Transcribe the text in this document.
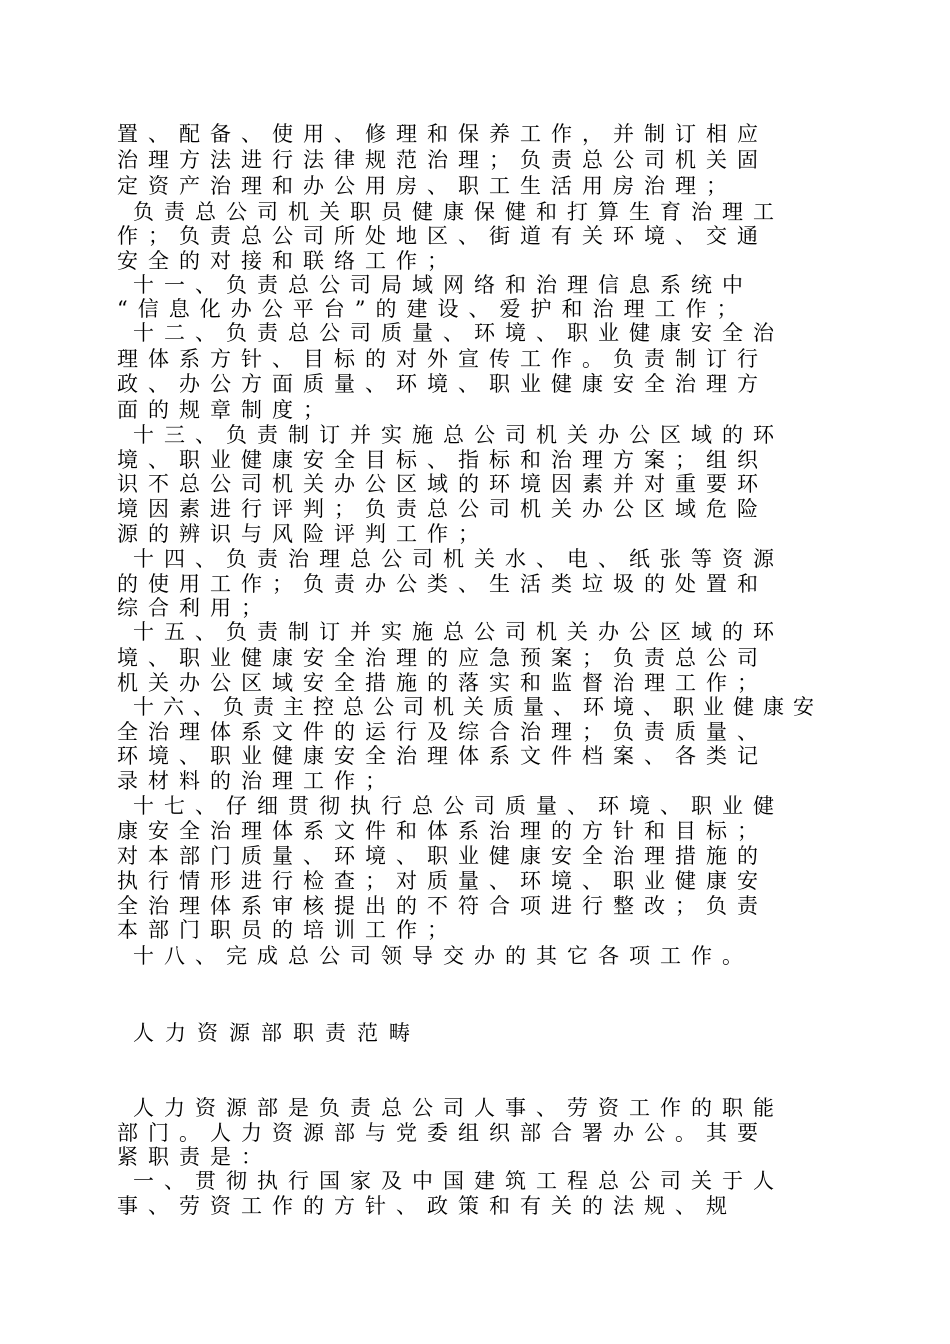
置、配备、使用、修理和保养工作，并制订相应
治理方法进行法律规范治理；负责总公司机关固
定资产治理和办公用房、职工生活用房治理；
负责总公司机关职员健康保健和打算生育治理工
作；负责总公司所处地区、街道有关环境、交通
安全的对接和联络工作；
十一、负责总公司局域网络和治理信息系统中
“信息化办公平台”的建设、爱护和治理工作；
十二、负责总公司质量、环境、职业健康安全治
理体系方针、目标的对外宣传工作。负责制订行
政、办公方面质量、环境、职业健康安全治理方
面的规章制度；
十三、负责制订并实施总公司机关办公区域的环
境、职业健康安全目标、指标和治理方案；组织
识不总公司机关办公区域的环境因素并对重要环
境因素进行评判；负责总公司机关办公区域危险
源的辨识与风险评判工作；
十四、负责治理总公司机关水、电、纸张等资源
的使用工作；负责办公类、生活类垃圾的处置和
综合利用；
十五、负责制订并实施总公司机关办公区域的环
境、职业健康安全治理的应急预案；负责总公司
机关办公区域安全措施的落实和监督治理工作；
十六、负责主控总公司机关质量、环境、职业健康安
全治理体系文件的运行及综合治理；负责质量、
环境、职业健康安全治理体系文件档案、各类记
录材料的治理工作；
十七、仔细贯彻执行总公司质量、环境、职业健
康安全治理体系文件和体系治理的方针和目标；
对本部门质量、环境、职业健康安全治理措施的
执行情形进行检查；对质量、环境、职业健康安
全治理体系审核提出的不符合项进行整改；负责
本部门职员的培训工作；
十八、完成总公司领导交办的其它各项工作。
人力资源部职责范畴
人力资源部是负责总公司人事、劳资工作的职能
部门。人力资源部与党委组织部合署办公。其要
紧职责是：
一、贯彻执行国家及中国建筑工程总公司关于人
事、劳资工作的方针、政策和有关的法规、规
